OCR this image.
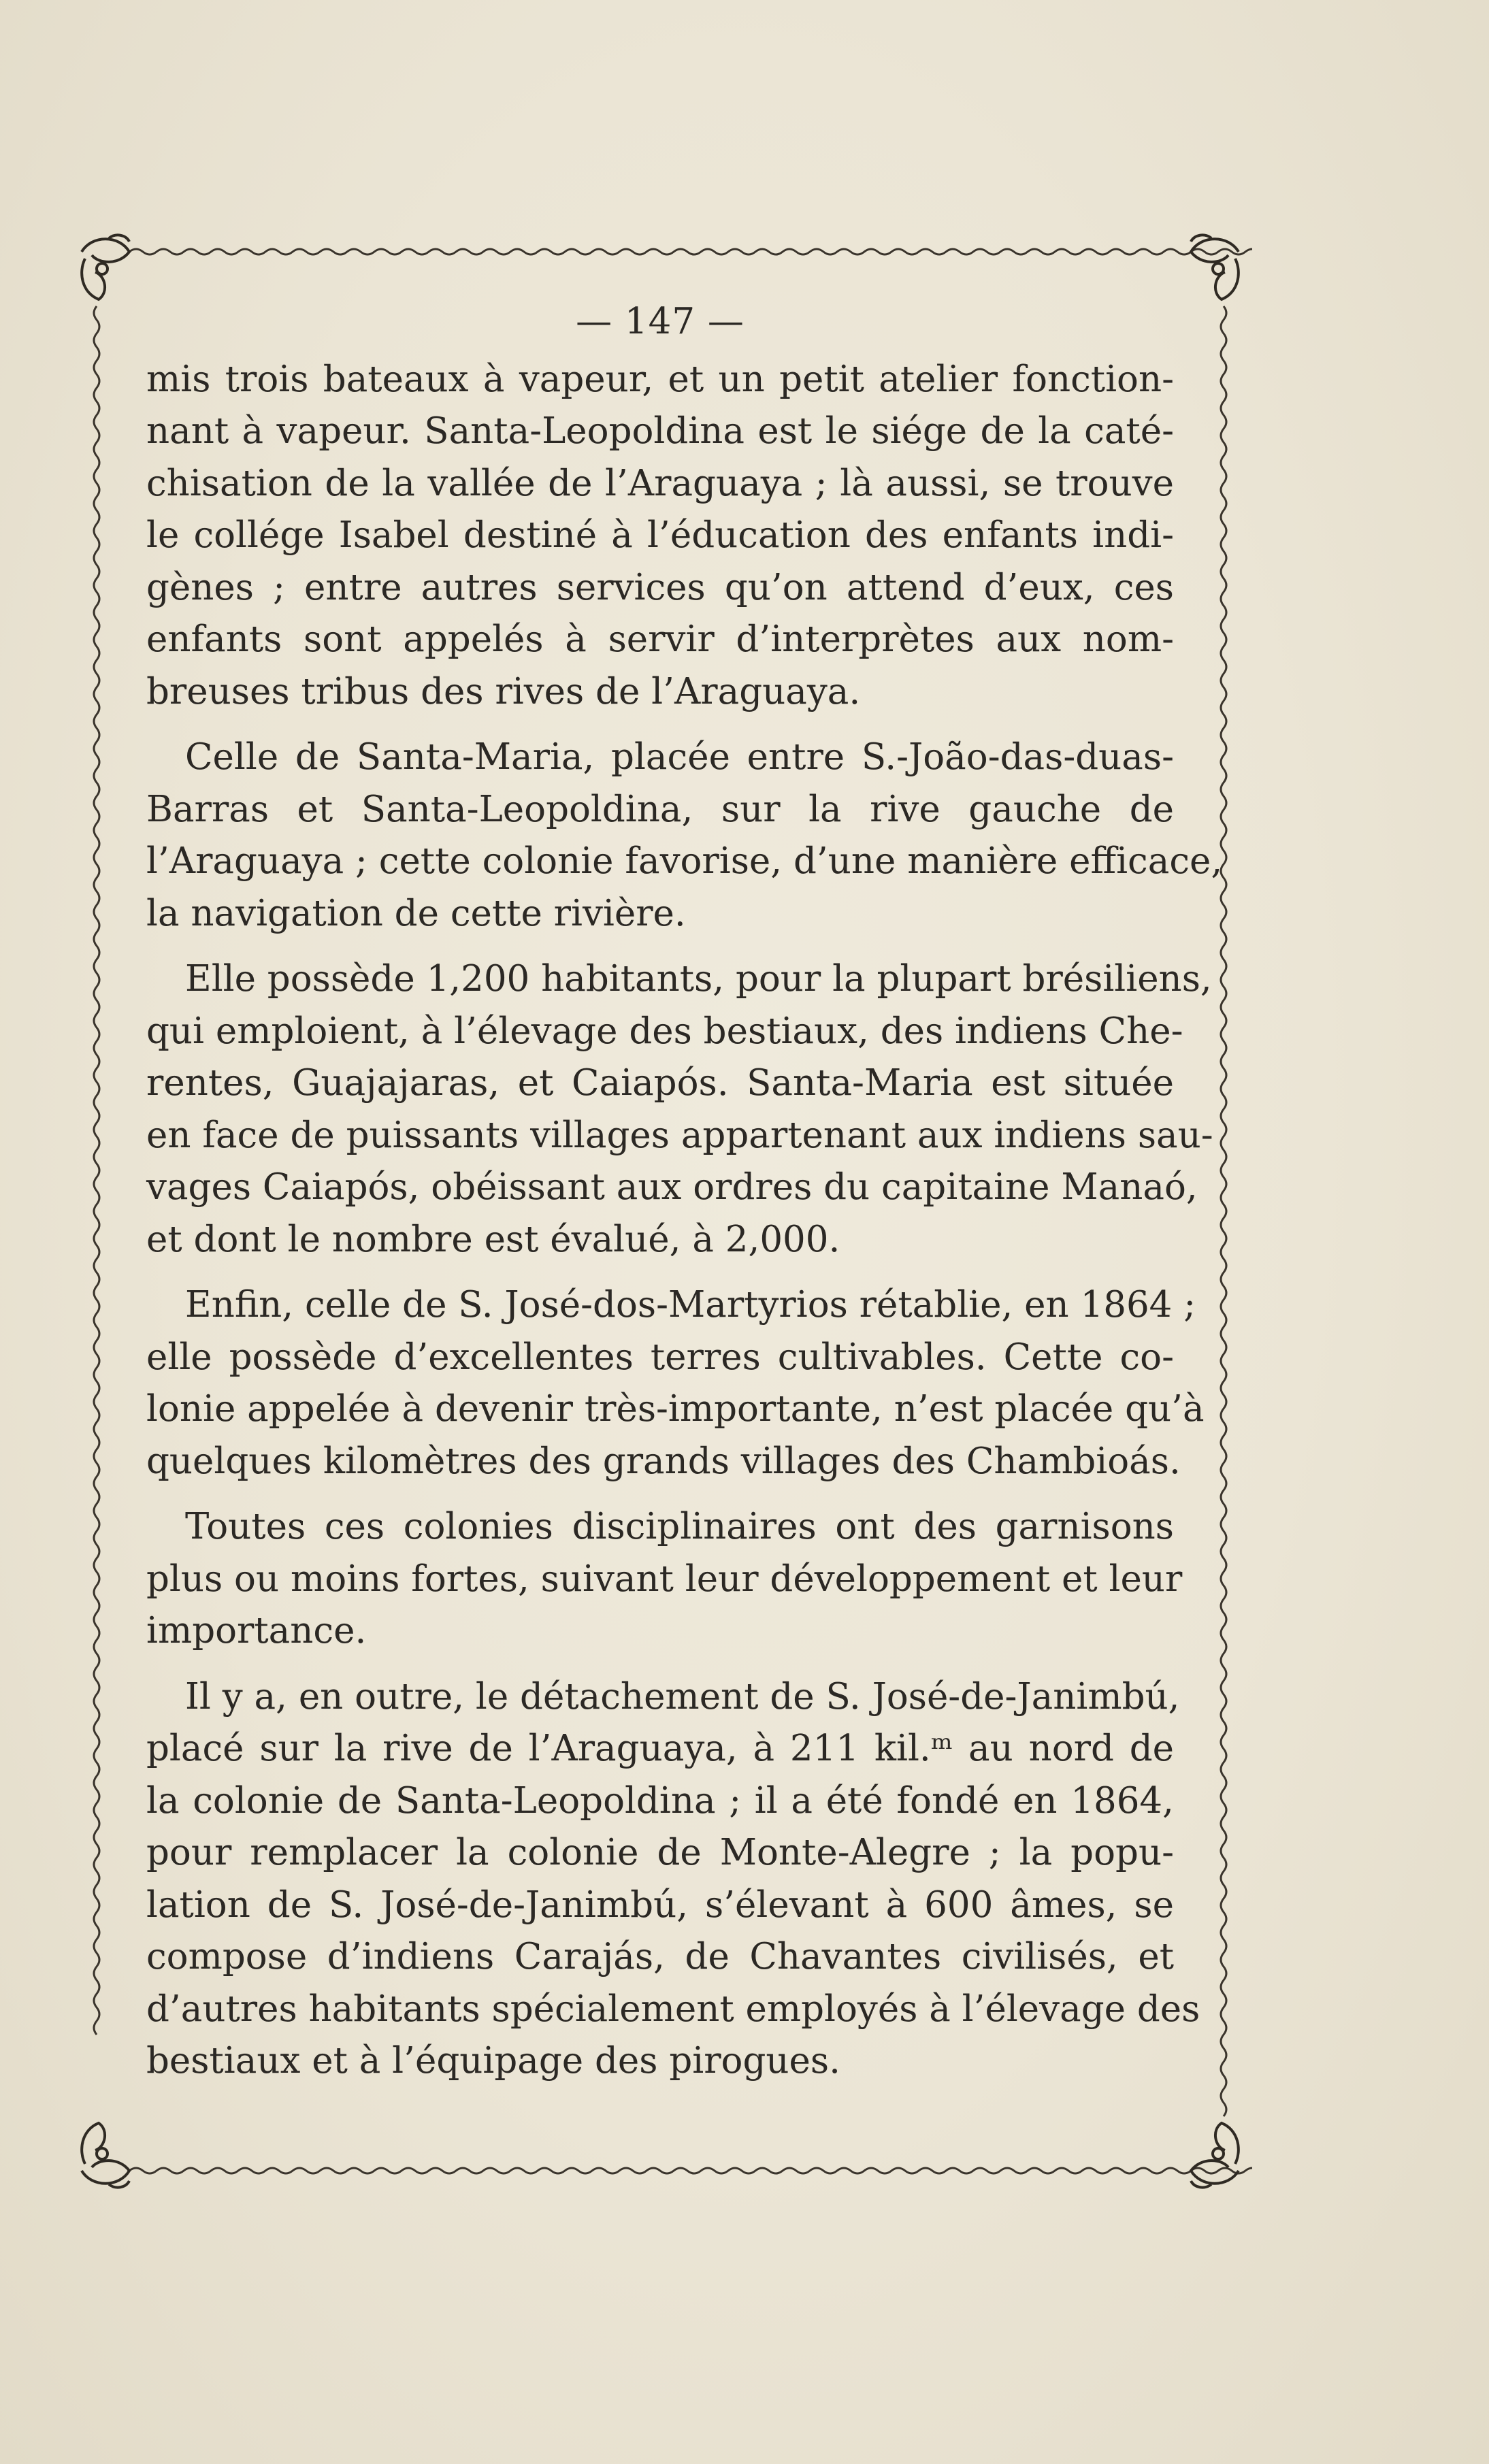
— 147 —
mis trois bateaux à vapeur, et un petit atelier fonction-
nant à vapeur. Santa-Leopoldina est le siége de la caté-
chisation de la vallée de l’Araguaya ; là aussi, se trouve
le collége Isabel destiné à l’éducation des enfants indi-
gènes ; entre autres services qu’on attend d’eux, ces
enfants sont appelés à servir d’interprètes aux nom-
breuses tribus des rives de l’Araguaya.
Celle de Santa-Maria, placée entre S.-João-das-duas-
Barras et Santa-Leopoldina, sur la rive gauche de
l’Araguaya ; cette colonie favorise, d’une manière efficace,
la navigation de cette rivière.
Elle possède 1,200 habitants, pour la plupart brésiliens,
qui emploient, à l’élevage des bestiaux, des indiens Che-
rentes, Guajajaras, et Caiapós. Santa-Maria est située
en face de puissants villages appartenant aux indiens sau-
vages Caiapós, obéissant aux ordres du capitaine Manaó,
et dont le nombre est évalué, à 2,000.
Enfin, celle de S. José-dos-Martyrios rétablie, en 1864 ;
elle possède d’excellentes terres cultivables. Cette co-
lonie appelée à devenir très-importante, n’est placée qu’à
quelques kilomètres des grands villages des Chambioás.
Toutes ces colonies disciplinaires ont des garnisons
plus ou moins fortes, suivant leur développement et leur
importance.
Il y a, en outre, le détachement de S. José-de-Janimbú,
placé sur la rive de l’Araguaya, à 211 kil.ᵐ au nord de
la colonie de Santa-Leopoldina ; il a été fondé en 1864,
pour remplacer la colonie de Monte-Alegre ; la popu-
lation de S. José-de-Janimbú, s’élevant à 600 âmes, se
compose d’indiens Carajás, de Chavantes civilisés, et
d’autres habitants spécialement employés à l’élevage des
bestiaux et à l’équipage des pirogues.
